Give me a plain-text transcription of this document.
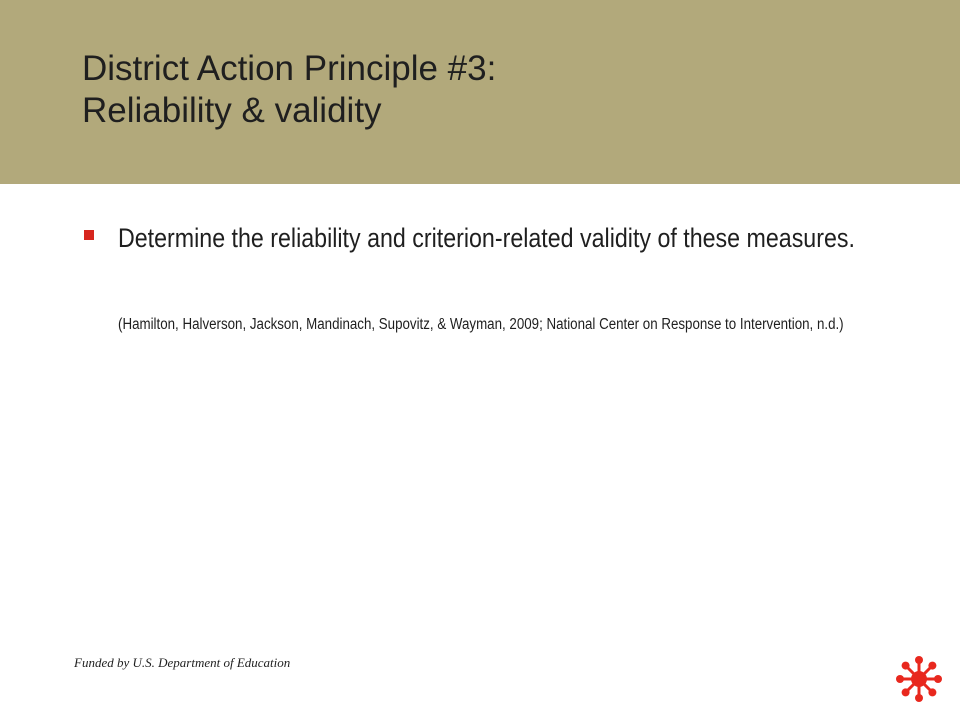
District Action Principle #3:
Reliability & validity

Determine the reliability and criterion-related validity of these measures.

(Hamilton, Halverson, Jackson, Mandinach, Supovitz, & Wayman, 2009; National Center on Response to Intervention, n.d.)

Funded by U.S. Department of Education
